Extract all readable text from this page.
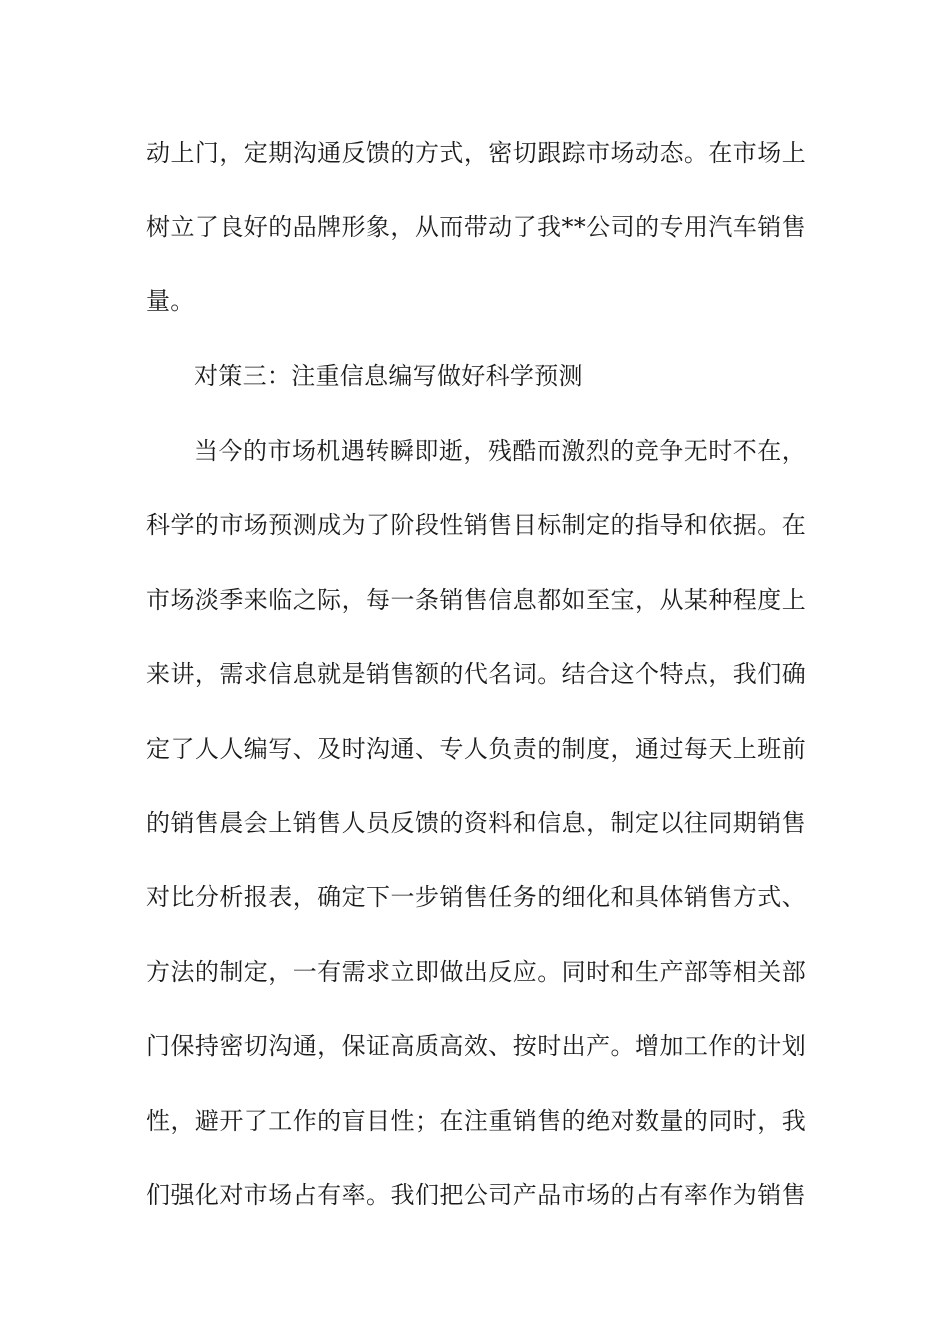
动上门，定期沟通反馈的方式，密切跟踪市场动态。在市场上
树立了良好的品牌形象，从而带动了我**公司的专用汽车销售
量。
对策三：注重信息编写做好科学预测
当今的市场机遇转瞬即逝，残酷而激烈的竞争无时不在，
科学的市场预测成为了阶段性销售目标制定的指导和依据。在
市场淡季来临之际，每一条销售信息都如至宝，从某种程度上
来讲，需求信息就是销售额的代名词。结合这个特点，我们确
定了人人编写、及时沟通、专人负责的制度，通过每天上班前
的销售晨会上销售人员反馈的资料和信息，制定以往同期销售
对比分析报表，确定下一步销售任务的细化和具体销售方式、
方法的制定，一有需求立即做出反应。同时和生产部等相关部
门保持密切沟通，保证高质高效、按时出产。增加工作的计划
性，避开了工作的盲目性；在注重销售的绝对数量的同时，我
们强化对市场占有率。我们把公司产品市场的占有率作为销售
